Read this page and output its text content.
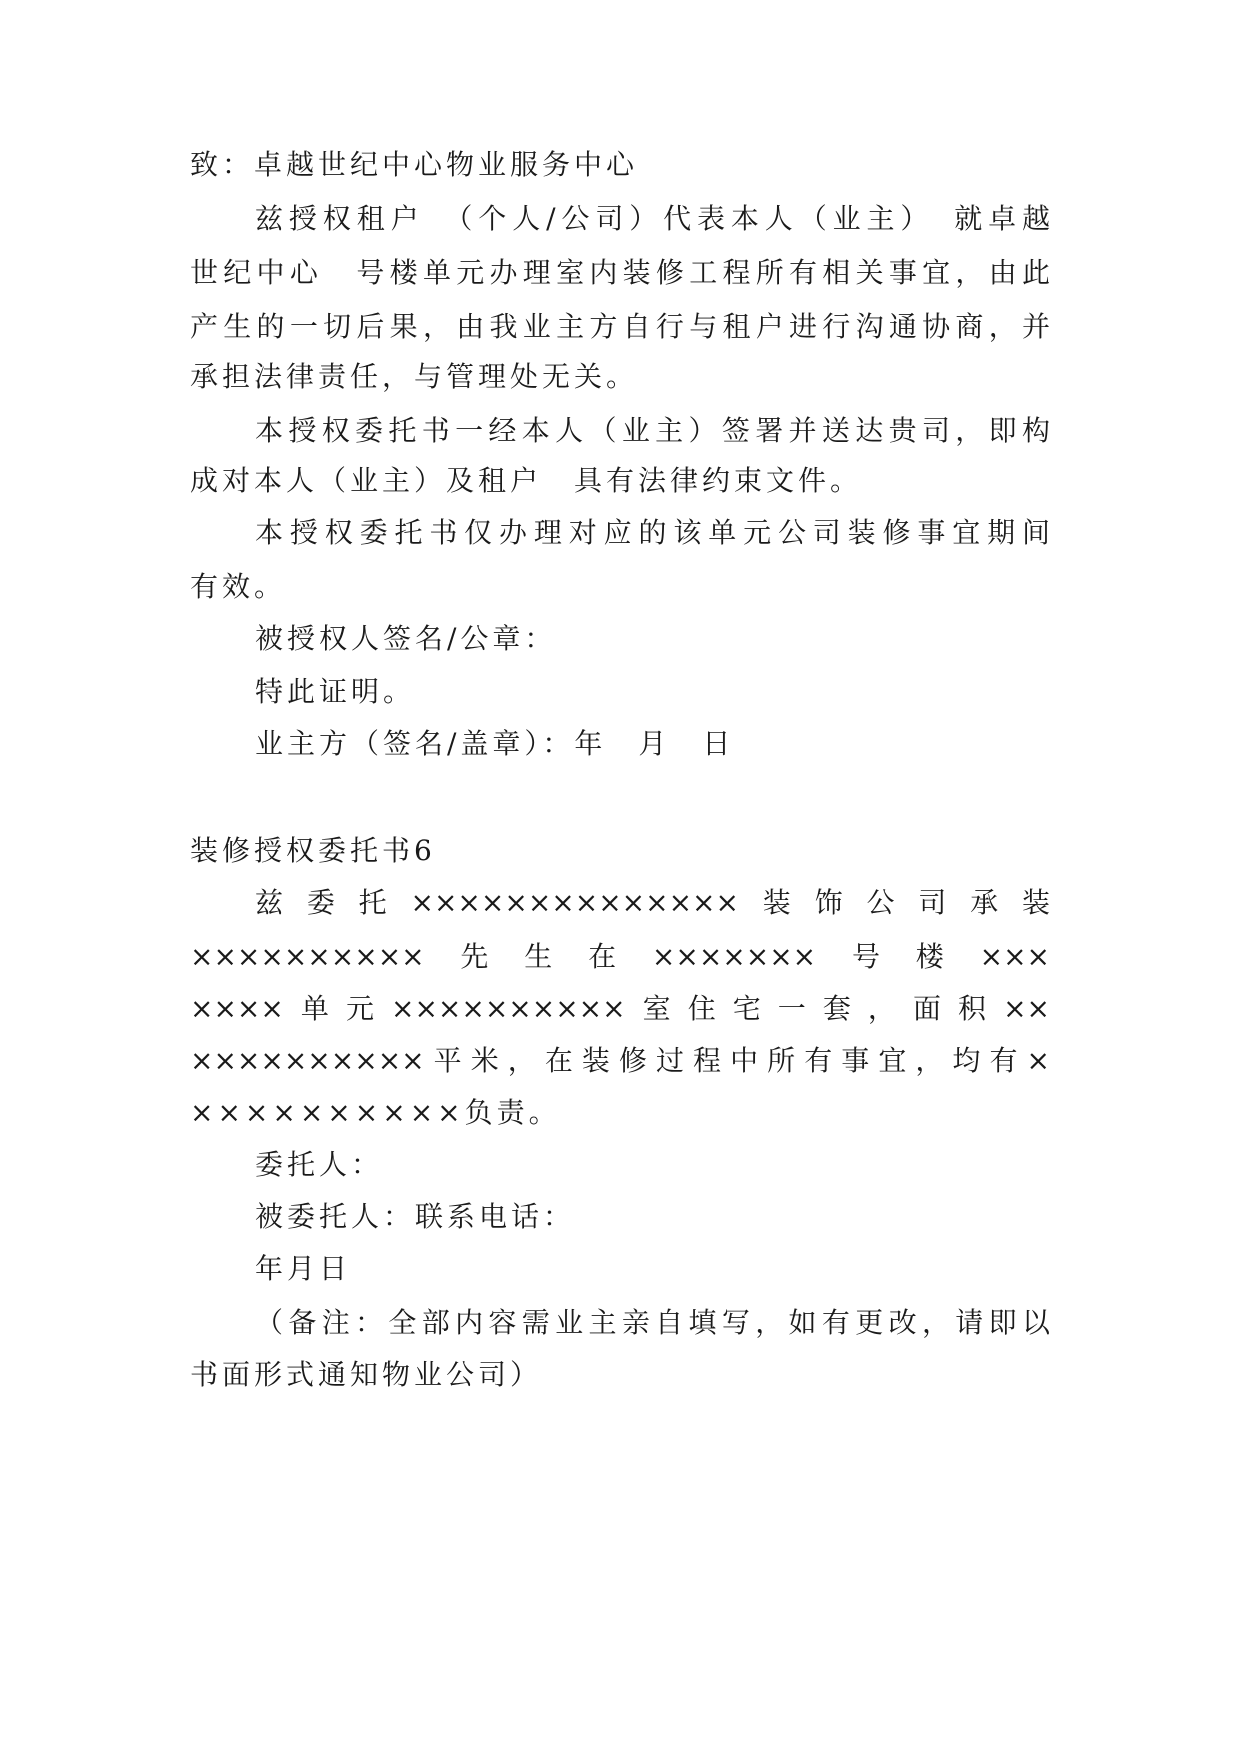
致：卓越世纪中心物业服务中心
兹授权租户　（个人/公司）代表本人（业主）　就卓越
世纪中心　号楼单元办理室内装修工程所有相关事宜，由此
产生的一切后果，由我业主方自行与租户进行沟通协商，并
承担法律责任，与管理处无关。
本授权委托书一经本人（业主）签署并送达贵司，即构
成对本人（业主）及租户　具有法律约束文件。
本授权委托书仅办理对应的该单元公司装修事宜期间
有效。
被授权人签名/公章：
特此证明。
业主方（签名/盖章）：年　月　日
装修授权委托书6
兹委托××××××××××××××装饰公司承装
××××××××××先生在×××××××号楼×××
××××单元××××××××××室住宅一套，面积××
××××××××××平米，在装修过程中所有事宜，均有×
××××××××××负责。
委托人：
被委托人：联系电话：
年月日
（备注：全部内容需业主亲自填写，如有更改，请即以
书面形式通知物业公司）
